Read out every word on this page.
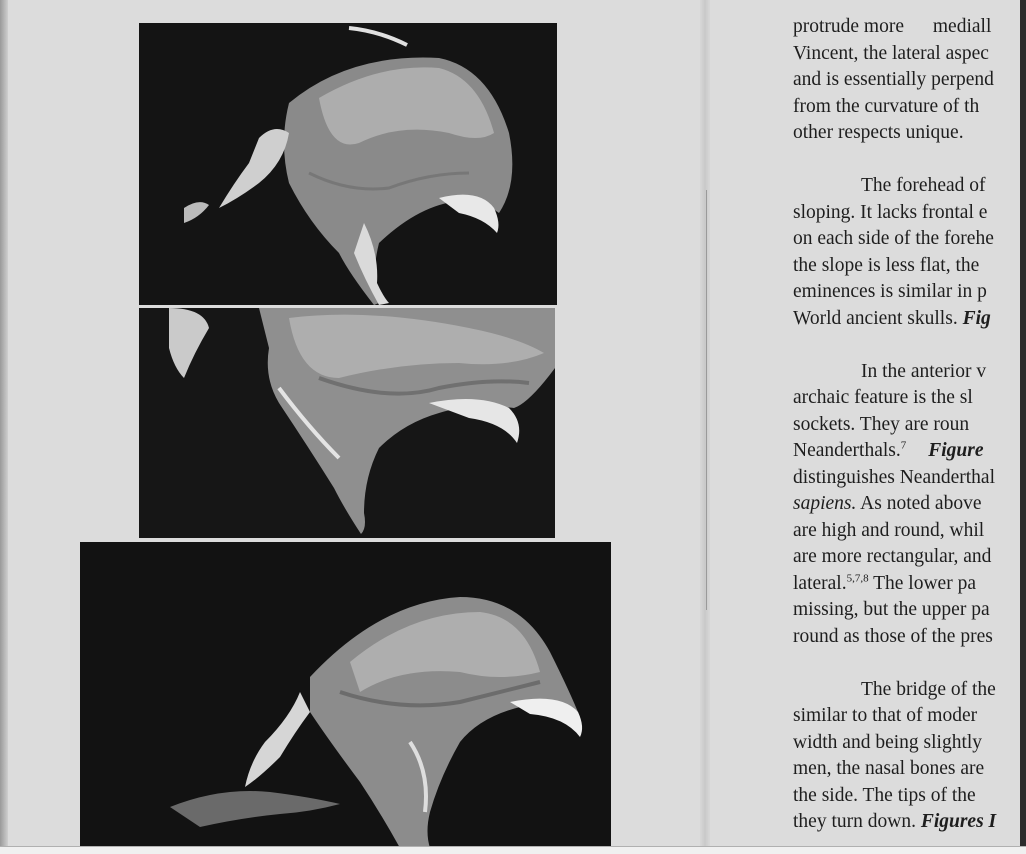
protrude more mediall

Vincent, the lateral aspec

and is essentially perpend

from the curvature of th

other respects unique.

The forehead of

sloping. It lacks frontal e

on each side of the forehe

the slope is less flat, the

eminences is similar in p

World ancient skulls. Fig

In the anterior v

archaic feature is the sl

sockets. They are roun

Neanderthals.$^7$ Figure

distinguishes Neanderthal

sapiens. As noted above

are high and round, whil

are more rectangular, and

lateral.$^{5,7,8}$ The lower pa

missing, but the upper pa

round as those of the pres

The bridge of the

similar to that of moder

width and being slightly

men, the nasal bones are

the side. The tips of the

they turn down. Figures I
